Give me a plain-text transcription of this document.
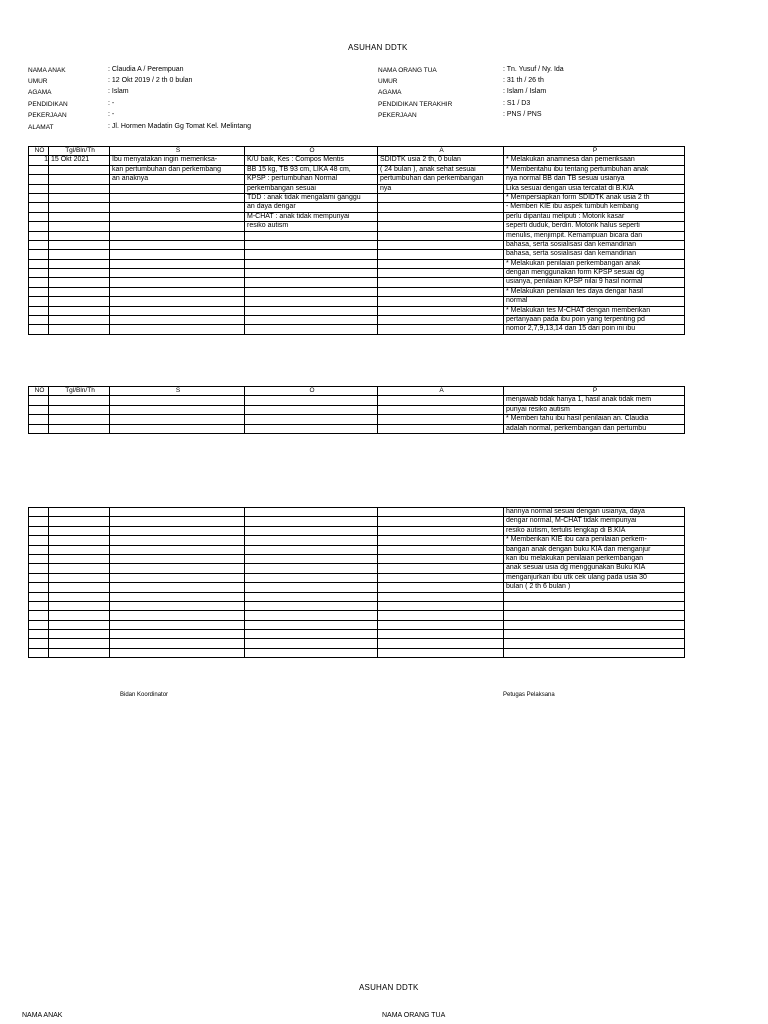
ASUHAN DDTK
NAMA ANAK	: Claudia A / Perempuan
UMUR	: 12 Okt 2019 / 2 th 0 bulan
AGAMA	: Islam
PENDIDIKAN	: -
PEKERJAAN	: -
ALAMAT	: Jl. Hormen Madatin Gg Tomat Kel. Melintang
NAMA ORANG TUA	: Tn. Yusuf / Ny. Ida
UMUR	: 31 th / 26 th
AGAMA	: Islam / Islam
PENDIDIKAN TERAKHIR	: S1 / D3
PEKERJAAN	: PNS / PNS
NO	Tgl/Bln/Th	S	O	A	P
1	15 Okt 2021	Ibu menyatakan ingin memeriksa-	K/U baik, Kes : Compos Mentis	SDIDTK usia 2 th, 0 bulan	* Melakukan anamnesa dan pemeriksaan
		kan pertumbuhan dan perkembang	BB 15 kg, TB 93 cm, LIKA 48 cm,	( 24 bulan ), anak sehat sesuai	* Memberitahu ibu tentang pertumbuhan anak
		an anaknya	KPSP : pertumbuhan Normal	pertumbuhan dan perkembangan	nya normal BB dan TB sesuai usianya
			perkembangan sesuai	nya	Lika sesuai dengan usia tercatat di B.KIA
			TDD : anak tidak mengalami ganggu		* Mempersiapkan form SDIDTK anak usia 2 th
			an daya dengar		- Memberi KIE ibu aspek tumbuh kembang
			M-CHAT : anak tidak mempunyai		perlu dipantau meliputi : Motorik kasar
			resiko autism		seperti duduk, berdiri. Motorik halus seperti
					menulis, menjimpit. Kemampuan bicara dan
					bahasa, serta sosialisasi dan kemandirian
					bahasa, serta sosialisasi dan kemandirian
					* Melakukan penilaian perkembangan anak
					dengan menggunakan form KPSP sesuai dg
					usianya, penilaian KPSP nilai 9 hasil normal
					* Melakukan penilaian tes daya dengar hasil
					normal
					* Melakukan tes M-CHAT dengan memberikan
					pertanyaan pada ibu poin yang terpenting pd
					nomor 2,7,9,13,14 dan 15 dari poin ini ibu
NO	Tgl/Bln/Th	S	O	A	P
					menjawab tidak hanya 1, hasil anak tidak mem
					punyai resiko autism
					* Memberi tahu ibu hasil penilaian an. Claudia
					adalah normal, perkembangan dan pertumbu
					hannya normal sesuai dengan usianya, daya
					dengar normal, M-CHAT tidak mempunyai
					resiko autism, tertulis lengkap di B.KIA
					* Memberikan KIE ibu cara penilaian perkem-
					bangan anak dengan buku KIA dan menganjur
					kan ibu melakukan penilaian perkembangan
					anak sesuai usia dg menggunakan Buku KIA
					menganjurkan ibu utk cek ulang pada usia 30
					bulan ( 2 th 6 bulan )

Bidan Koordinator	Petugas Pelaksana
ASUHAN DDTK
NAMA ANAK	NAMA ORANG TUA
